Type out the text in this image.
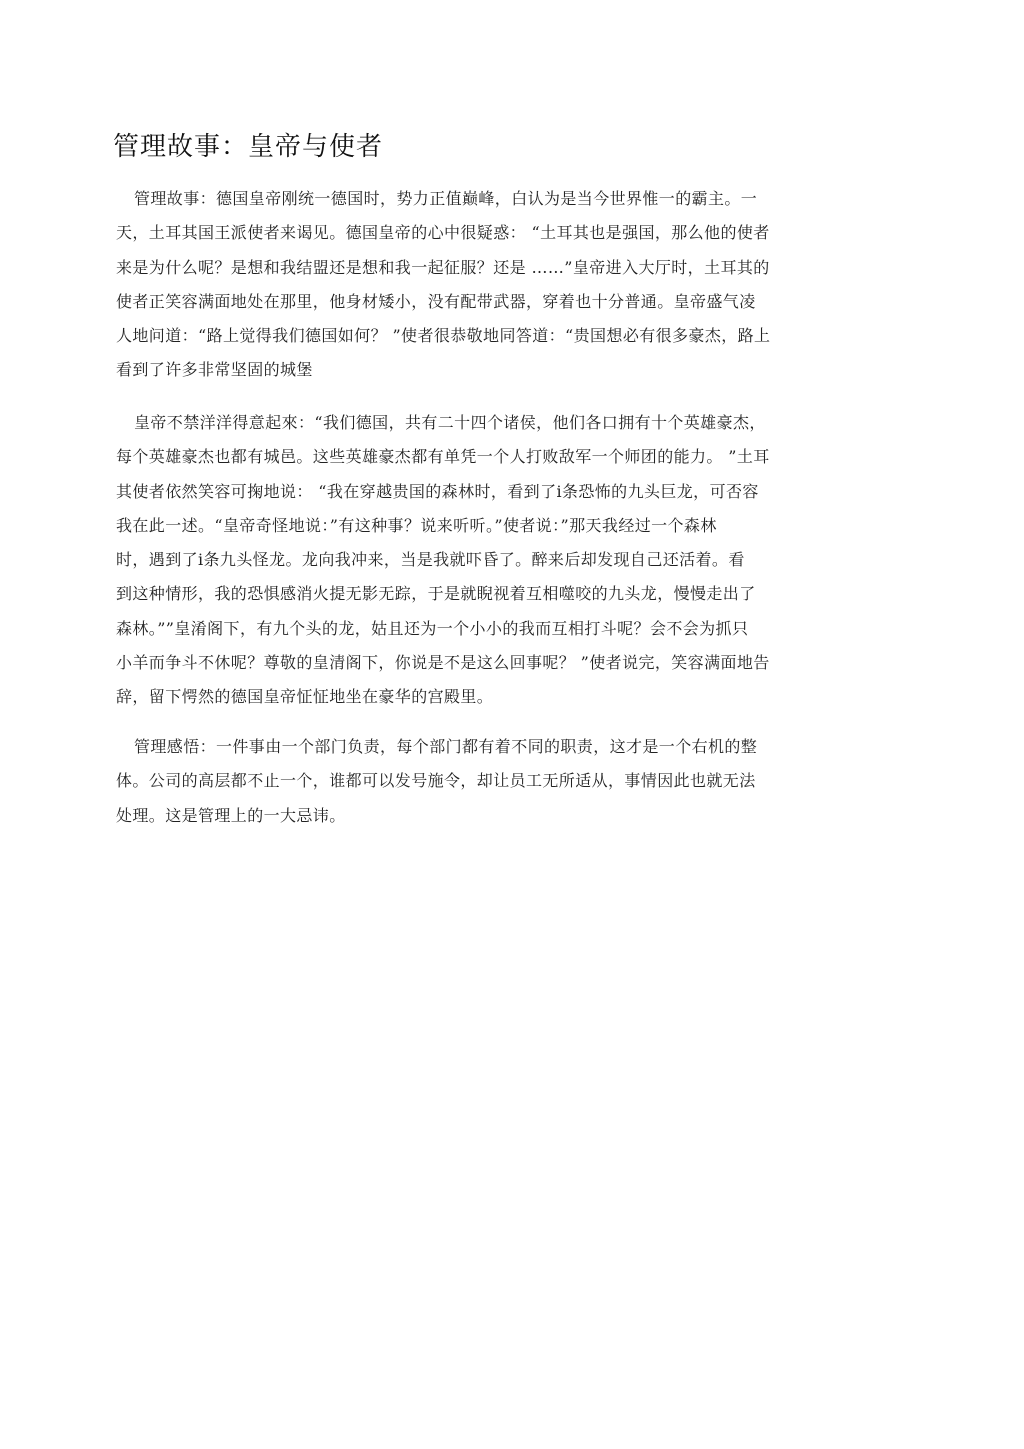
管理故事：皇帝与使者
管理故事：德国皇帝刚统一德国时，势力正值巅峰，白认为是当今世界惟一的霸主。一
天，土耳其国王派使者来谒见。德国皇帝的心中很疑惑： “土耳其也是强国，那么他的使者
来是为什么呢？是想和我结盟还是想和我一起征服？还是 ……”皇帝进入大厅时，土耳其的
使者正笑容满面地处在那里，他身材矮小，没有配带武器，穿着也十分普通。皇帝盛气凌
人地问道：“路上觉得我们德国如何？ ”使者很恭敬地同答道：“贵国想必有很多豪杰，路上
看到了许多非常坚固的城堡
皇帝不禁洋洋得意起來：“我们德国，共有二十四个诸侯，他们各口拥有十个英雄豪杰，
每个英雄豪杰也都有城邑。这些英雄豪杰都有单凭一个人打败敌军一个师团的能力。 ”土耳
其使者依然笑容可掬地说： “我在穿越贵国的森林时，看到了i条恐怖的九头巨龙，可否容
我在此一述。“皇帝奇怪地说：”有这种事？说来听听。”使者说：”那天我经过一个森林
时，遇到了i条九头怪龙。龙向我冲来，当是我就吓昏了。醉来后却发现自己还活着。看
到这种情形，我的恐惧感消火提无影无踪，于是就睨视着互相噬咬的九头龙，慢慢走出了
森林。””皇淆阁下，有九个头的龙，姑且还为一个小小的我而互相打斗呢？会不会为抓只
小羊而争斗不休呢？尊敬的皇清阁下，你说是不是这么回事呢？ ”使者说完，笑容满面地告
辞，留下愕然的德国皇帝怔怔地坐在豪华的宫殿里。
管理感悟：一件事由一个部门负责，每个部门都有着不同的职责，这才是一个右机的整
体。公司的高层都不止一个，谁都可以发号施令，却让员工无所适从，事情因此也就无法
处理。这是管理上的一大忌讳。
